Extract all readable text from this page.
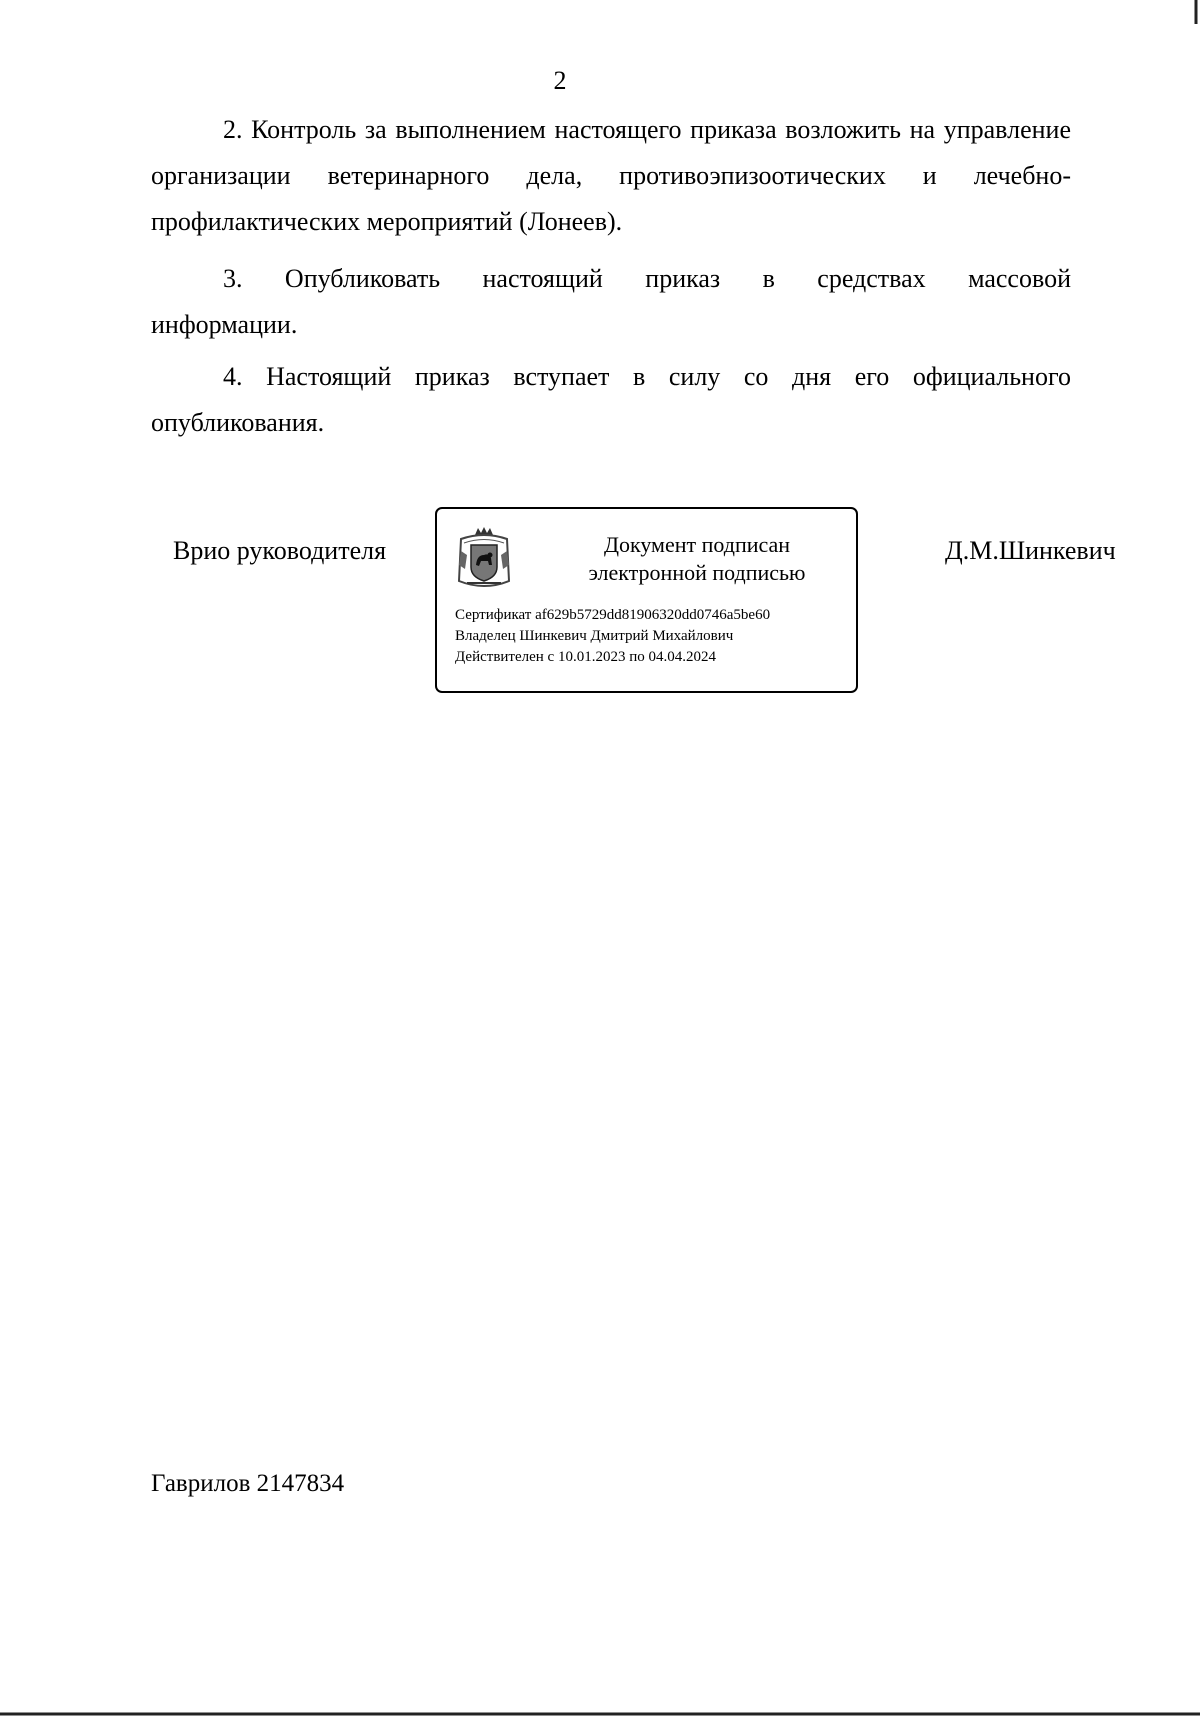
2

2. Контроль за выполнением настоящего приказа возложить на управление организации ветеринарного дела, противоэпизоотических и лечебно-профилактических мероприятий (Лонеев).

3. Опубликовать настоящий приказ в средствах массовой информации.

4. Настоящий приказ вступает в силу со дня его официального опубликования.

Врио руководителя	Документ подписан
электронной подписью
Сертификат af629b5729dd81906320dd0746a5be60
Владелец Шинкевич Дмитрий Михайлович
Действителен с 10.01.2023 по 04.04.2024
Д.М.Шинкевич
Гаврилов 2147834
